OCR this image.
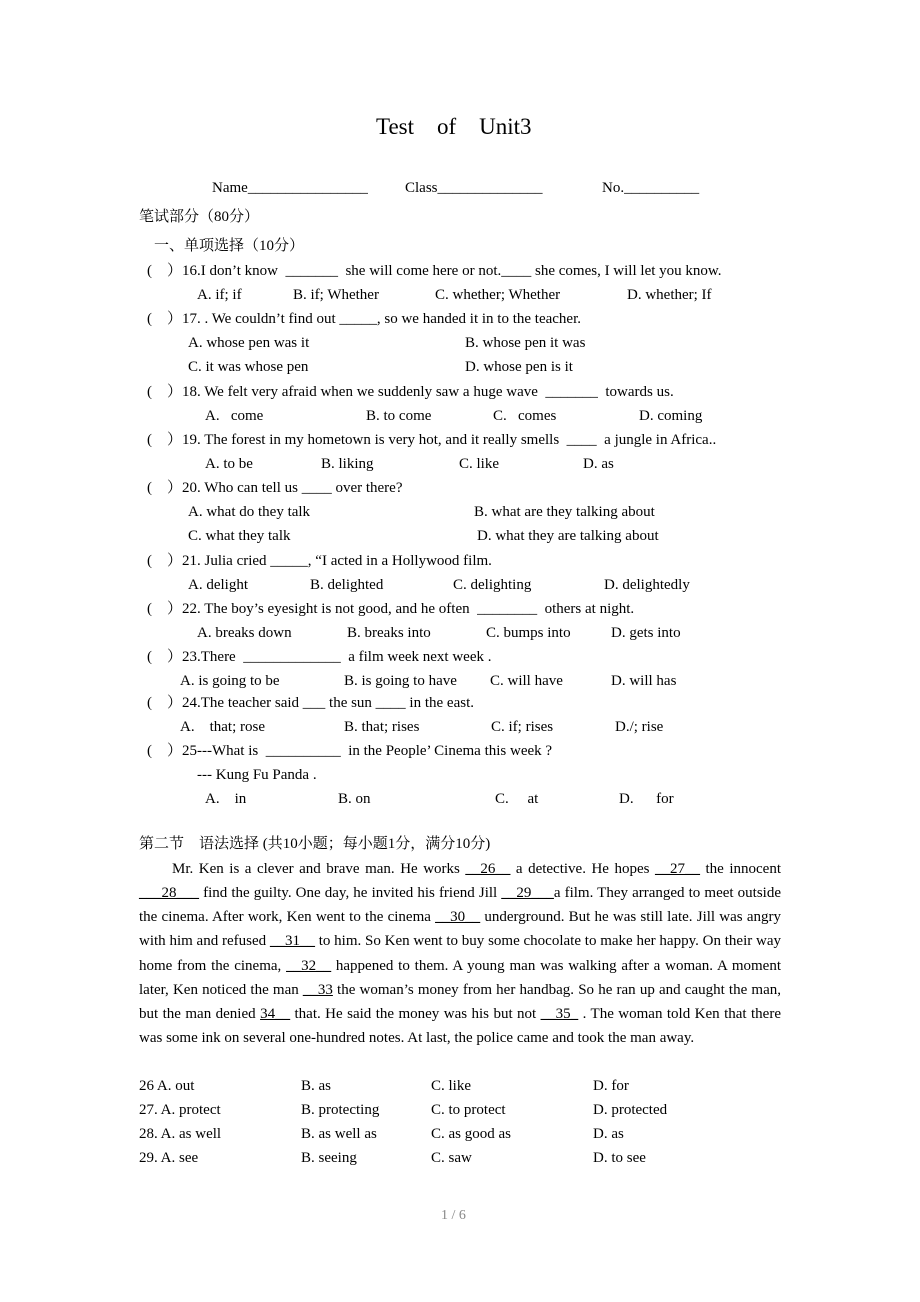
Test    of    Unit3
Name________________ Class______________	No.__________
笔试部分（80分）
一、单项选择（10分）
(    ）16.I don’t know  _______  she will come here or not.____ she comes, I will let you know.
A. if; if	B. if; Whether	C. whether; Whether	D. whether; If
(    ）17. . We couldn’t find out _____, so we handed it in to the teacher.
A. whose pen was it	B. whose pen it was
C. it was whose pen	D. whose pen is it
(    ）18. We felt very afraid when we suddenly saw a huge wave  _______  towards us.
A.   come	B. to come	C.   comes	D. coming
(    ）19. The forest in my hometown is very hot, and it really smells  ____  a jungle in Africa..
A. to be	B. liking	C. like	D. as
(    ）20. Who can tell us ____ over there?
A. what do they talk	B. what are they talking about
C. what they talk	D. what they are talking about
(    ）21. Julia cried _____, “I acted in a Hollywood film.
A. delight	B. delighted	C. delighting	D. delightedly
(    ）22. The boy’s eyesight is not good, and he often  ________  others at night.
A. breaks down	B. breaks into	C. bumps into	D. gets into
(    ）23.There  _____________  a film week next week .
A. is going to be	B. is going to have C. will have	D. will has
(    ）24.The teacher said ___ the sun ____ in the east.
A.    that; rose	B. that; rises	C. if; rises	D./; rise
(    ）25---What is  __________  in the People’ Cinema this week ?
--- Kung Fu Panda .
A.    in	B. on	C.     at	D.      for
第二节    语法选择 (共10小题；每小题1分，满分10分)
Mr. Ken is a clever and brave man. He works __26__ a detective. He hopes __27__ the innocent ___28___ find the guilty. One day, he invited his friend Jill __29___a film. They arranged to meet outside the cinema. After work, Ken went to the cinema __30__ underground. But he was still late. Jill was angry with him and refused __31__ to him. So Ken went to buy some chocolate to make her happy. On their way home from the cinema, __32__ happened to them. A young man was walking after a woman. A moment later, Ken noticed the man __33 the woman’s money from her handbag. So he ran up and caught the man, but the man denied 34__ that. He said the money was his but not __35_ . The woman told Ken that there was some ink on several one-hundred notes. At last, the police came and took the man away.
26 A. out	B. as	C. like	D. for
27. A. protect	B. protecting	C. to protect	D. protected
28. A. as well	B. as well as	C. as good as	D. as
29. A. see	B. seeing	C. saw	D. to see
1 / 6
